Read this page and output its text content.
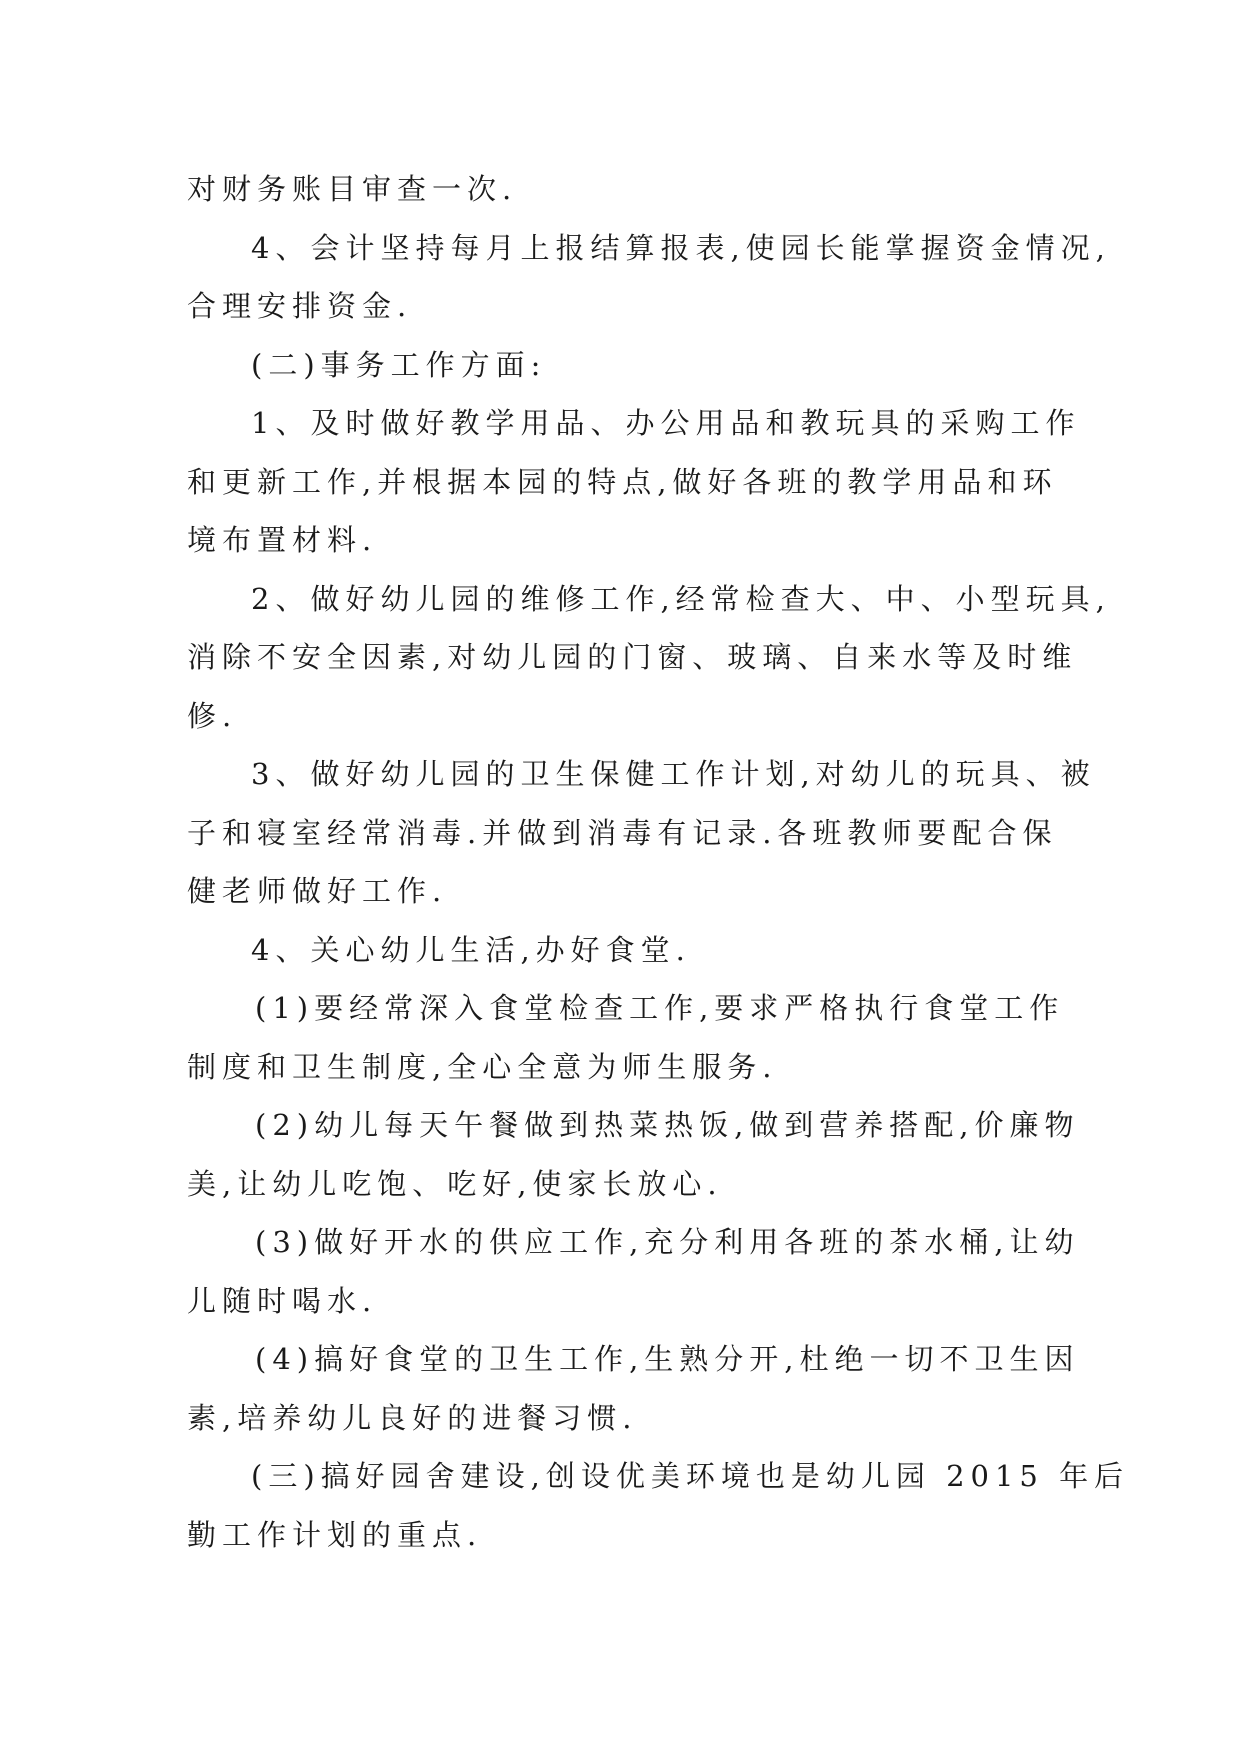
对财务账目审查一次.
4、会计坚持每月上报结算报表,使园长能掌握资金情况,
合理安排资金.
(二)事务工作方面:
1、及时做好教学用品、办公用品和教玩具的采购工作
和更新工作,并根据本园的特点,做好各班的教学用品和环
境布置材料.
2、做好幼儿园的维修工作,经常检查大、中、小型玩具,
消除不安全因素,对幼儿园的门窗、玻璃、自来水等及时维
修.
3、做好幼儿园的卫生保健工作计划,对幼儿的玩具、被
子和寝室经常消毒.并做到消毒有记录.各班教师要配合保
健老师做好工作.
4、关心幼儿生活,办好食堂.
(1)要经常深入食堂检查工作,要求严格执行食堂工作
制度和卫生制度,全心全意为师生服务.
(2)幼儿每天午餐做到热菜热饭,做到营养搭配,价廉物
美,让幼儿吃饱、吃好,使家长放心.
(3)做好开水的供应工作,充分利用各班的茶水桶,让幼
儿随时喝水.
(4)搞好食堂的卫生工作,生熟分开,杜绝一切不卫生因
素,培养幼儿良好的进餐习惯.
(三)搞好园舍建设,创设优美环境也是幼儿园 2015 年后
勤工作计划的重点.
